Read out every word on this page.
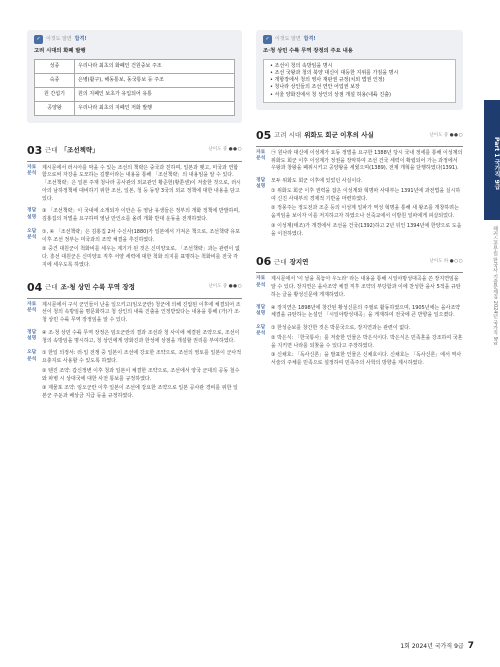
✓	이것도 알면 합격!
고려 시대의 화폐 발행
성종	우리나라 최초의 화폐인 건원중보 주조
숙종	은병(활구), 해동통보, 동국통보 등 주조
원 간섭기	원의 지폐인 보초가 유입되어 유통
공양왕	우리나라 최초의 지폐인 저화 발행
03 근대 「조선책략」	난이도 중 ●●○
자료 분석

제시문에서 러시아를 막을 수 있는 조선의 책략은 중국과 친하며, 일본과 맺고, 미국과 연합함으로써 자강을 도모하는 길뿐이라는 내용을 통해 「조선책략」의 내용임을 알 수 있다. 「조선책략」은 일본 주재 청나라 공사관의 외교관인 황준헌(황쭌셴)이 저술한 것으로, 러시아의 남하정책에 대비하기 위한 조선, 일본, 청 등 동양 3국의 외교 정책에 대한 내용을 담고 있다.

정답 설명

③ 「조선책략」이 국내에 소개되자 이만손 등 영남 유생들은 정부의 개화 정책에 반발하며, 김홍집의 처벌을 요구하며 영남 만인소를 올려 개화 반대 운동을 전개하였다.

오답 분석

①, ④ 「조선책략」은 김홍집 2차 수신사(1880)가 일본에서 가져온 책으로, 조선책략 유포 이후 조선 정부는 미국과의 조약 체결을 추진하였다.

② 중건 대원군이 척화비를 세우는 계기가 된 것은 신미양요로, 「조선책략」과는 관련이 없다. 흥선 대원군은 신미양요 직후 서양 세력에 대한 척화 의지를 표명하는 척화비를 전국 각지에 세우도록 하였다.

04 근대 조·청 상민 수륙 무역 장정	난이도 중 ●●○
자료 분석

제시문에서 구식 군인들이 난을 일으키고(임오군란) 청군에 의해 진압된 이후에 체결되어 조선이 청의 속방임을 명문화하고 청 상인의 내륙 진출을 인정받았다는 내용을 통해 (가)가 조·청 상민 수륙 무역 장정임을 알 수 있다.

정답 설명

④ 조·청 상민 수륙 무역 장정은 임오군란의 결과 조선과 청 사이에 체결된 조약으로, 조선이 청의 속방임을 명시하고, 청 상인에게 양화진과 한성에 상점을 개설할 권리를 부여하였다.

오답 분석

① 한일 의정서: 러·일 전쟁 중 일본이 조선에 강요한 조약으로, 조선의 영토를 일본이 군사적 요충지로 사용할 수 있도록 하였다.

② 텐진 조약: 갑신정변 이후 청과 일본이 체결한 조약으로, 조선에서 양국 군대의 공동 철수와 파병 시 상대국에 대한 사전 통보를 규정하였다.

③ 제물포 조약: 임오군란 이후 일본이 조선에 강요한 조약으로 일본 공사관 경비를 위한 일본군 주둔과 배상금 지급 등을 규정하였다.

✓	이것도 알면 합격!
조·청 상민 수륙 무역 장정의 주요 내용
• 조선이 청의 속방임을 명시
• 조선 국왕과 청의 북양 대신이 대등한 지위를 가짐을 명시
• 개항장에서 청의 영사 재판권 규정(치외 법권 인정)
• 청나라 상인들의 조선 연안 어업권 보장
• 서울 양화진에서 청 상인의 상점 개설 허용(내륙 진출)
05 고려 시대 위화도 회군 이후의 사실	난이도 중 ●●○
자료 분석

㉠ 원나라 대신에 이성계가 요동 정벌을 요구한 1388년 당시 국내 정세를 통해 이성계의 위화도 회군 이후 이성계가 정권을 장악하여 조선 건국 세력이 확립되어 가는 과정에서 우왕과 창왕을 폐위시키고 공양왕을 세웠으며(1389), 전제 개혁을 단행하였다(1391).

정답 설명

모두 위화도 회군 이후에 있었던 사실이다.

① 위화도 회군 이후 권력을 잡은 이성계와 혁명파 사대부는 1391년에 과전법을 실시하여 신진 사대부의 경제적 기반을 마련하였다.

② 정몽주는 정도전과 조준 등의 이성계 일파가 역성 혁명을 통해 새 왕조를 개창하려는 움직임을 보이자 이를 저지하고자 하였으나 선죽교에서 이방원 일파에게 피살되었다.

③ 이성계(태조)가 개경에서 조선을 건국(1392)하고 2년 뒤인 1394년에 한양으로 도읍을 이전하였다.

06 근대 장지연	난이도 하 ●○○
자료 분석

제시문에서 '이 날을 목놓아 우노라' 라는 내용을 통해 시일야방성대곡을 쓴 장지연임을 알 수 있다. 장지연은 을사조약 체결 직후 조약의 부당함과 이에 찬성한 을사 5적을 규탄하는 글을 황성신문에 게재하였다.

정답 설명

④ 장지연은 1898년에 창간된 황성신문의 주필로 활동하였으며, 1905년에는 을사조약 체결을 규탄하는 논설인 「시일야방성대곡」을 게재하여 전국에 큰 반향을 일으켰다.

오답 분석

① 한성순보를 창간한 것은 박문국으로, 장지연과는 관련이 없다.

② 박은식: 「한국통사」를 저술한 인물은 박은식이다. 박은식은 민족혼을 강조하여 국혼을 지키면 나라를 되찾을 수 있다고 주장하였다.

③ 신채호: 「독사신론」을 발표한 인물은 신채호이다. 신채호는 「독사신론」에서 역사 서술의 주체를 민족으로 설정하여 민족주의 사학의 방향을 제시하였다.

Part 1 국가직 9급
해커스공무원 한국사 기출문제집 2024년 국가직 9급
1회 2024년 국가직 9급 7
